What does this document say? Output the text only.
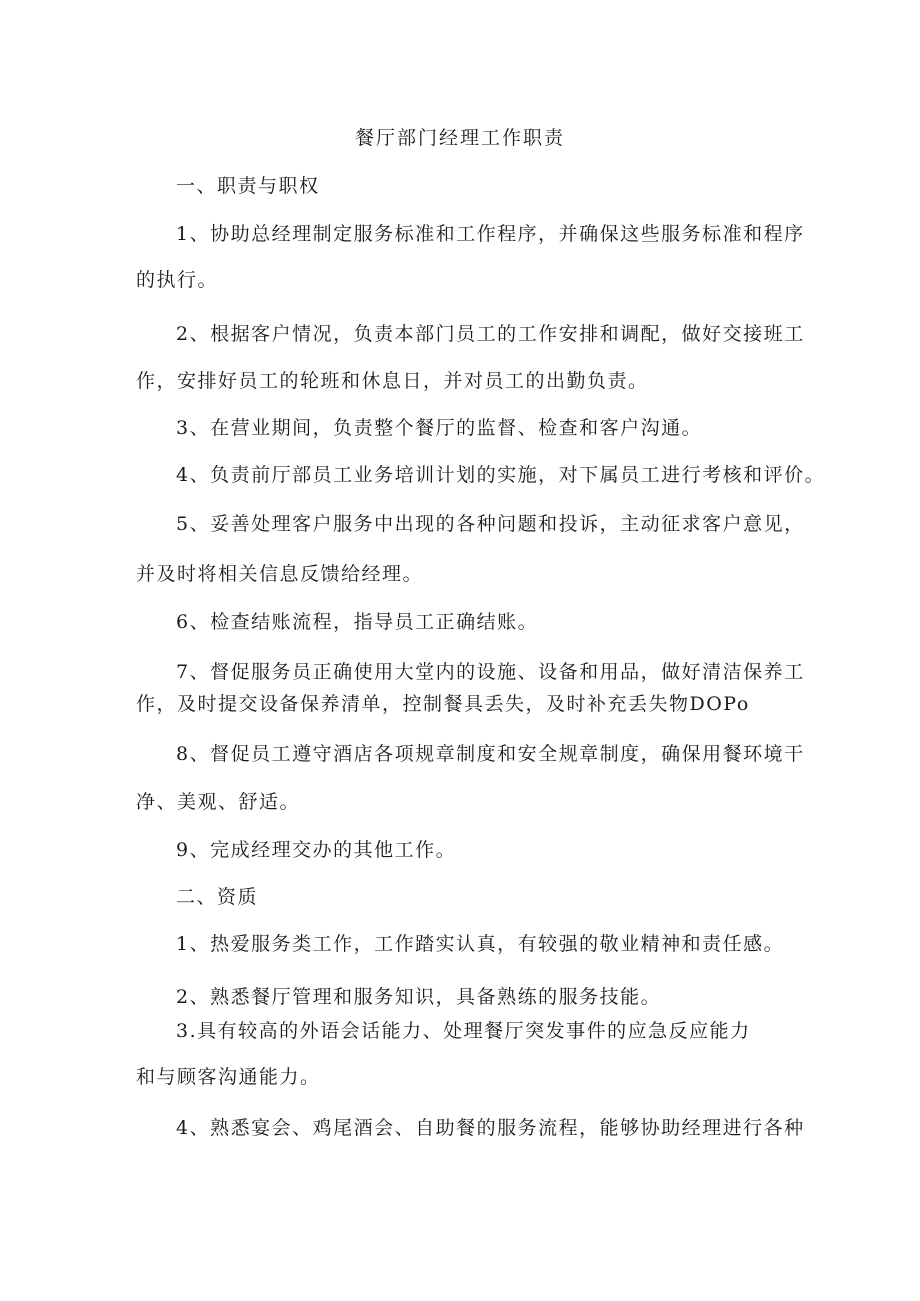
餐厅部门经理工作职责
一、职责与职权
1、协助总经理制定服务标准和工作程序，并确保这些服务标准和程序
的执行。
2、根据客户情况，负责本部门员工的工作安排和调配，做好交接班工
作，安排好员工的轮班和休息日，并对员工的出勤负责。
3、在营业期间，负责整个餐厅的监督、检查和客户沟通。
4、负责前厅部员工业务培训计划的实施，对下属员工进行考核和评价。
5、妥善处理客户服务中出现的各种问题和投诉，主动征求客户意见，
并及时将相关信息反馈给经理。
6、检查结账流程，指导员工正确结账。
7、督促服务员正确使用大堂内的设施、设备和用品，做好清洁保养工
作，及时提交设备保养清单，控制餐具丢失，及时补充丢失物DOPo
8、督促员工遵守酒店各项规章制度和安全规章制度，确保用餐环境干
净、美观、舒适。
9、完成经理交办的其他工作。
二、资质
1、热爱服务类工作，工作踏实认真，有较强的敬业精神和责任感。
2、熟悉餐厅管理和服务知识，具备熟练的服务技能。
3.具有较高的外语会话能力、处理餐厅突发事件的应急反应能力
和与顾客沟通能力。
4、熟悉宴会、鸡尾酒会、自助餐的服务流程，能够协助经理进行各种
